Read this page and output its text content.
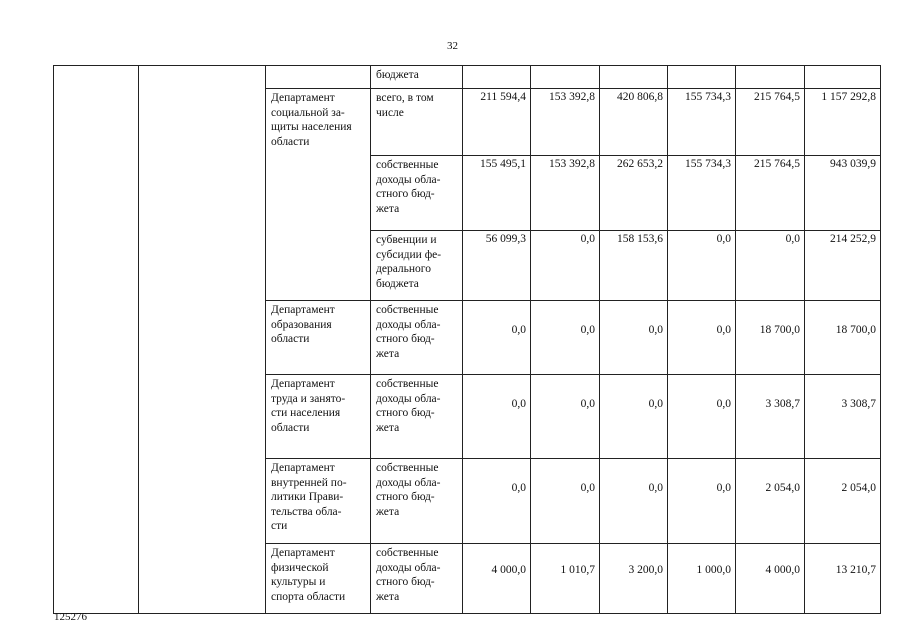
32
			бюджета						
		Департамент социальной за-
щиты населения
области	всего, в том
числе	211 594,4	153 392,8	420 806,8	155 734,3	215 764,5	1 157 292,8
			собственные
доходы обла-
стного бюд-
жета	155 495,1	153 392,8	262 653,2	155 734,3	215 764,5	943 039,9
			субвенции и
субсидии фе-
дерального
бюджета	56 099,3	0,0	158 153,6	0,0	0,0	214 252,9
		Департамент
образования
области	собственные
доходы обла-
стного бюд-
жета	0,0	0,0	0,0	0,0	18 700,0	18 700,0
		Департамент
труда и занято-
сти населения
области	собственные
доходы обла-
стного бюд-
жета	0,0	0,0	0,0	0,0	3 308,7	3 308,7
		Департамент
внутренней по-
литики Прави-
тельства обла-
сти	собственные
доходы обла-
стного бюд-
жета	0,0	0,0	0,0	0,0	2 054,0	2 054,0
		Департамент
физической
культуры и
спорта области	собственные
доходы обла-
стного бюд-
жета	4 000,0	1 010,7	3 200,0	1 000,0	4 000,0	13 210,7
125276
